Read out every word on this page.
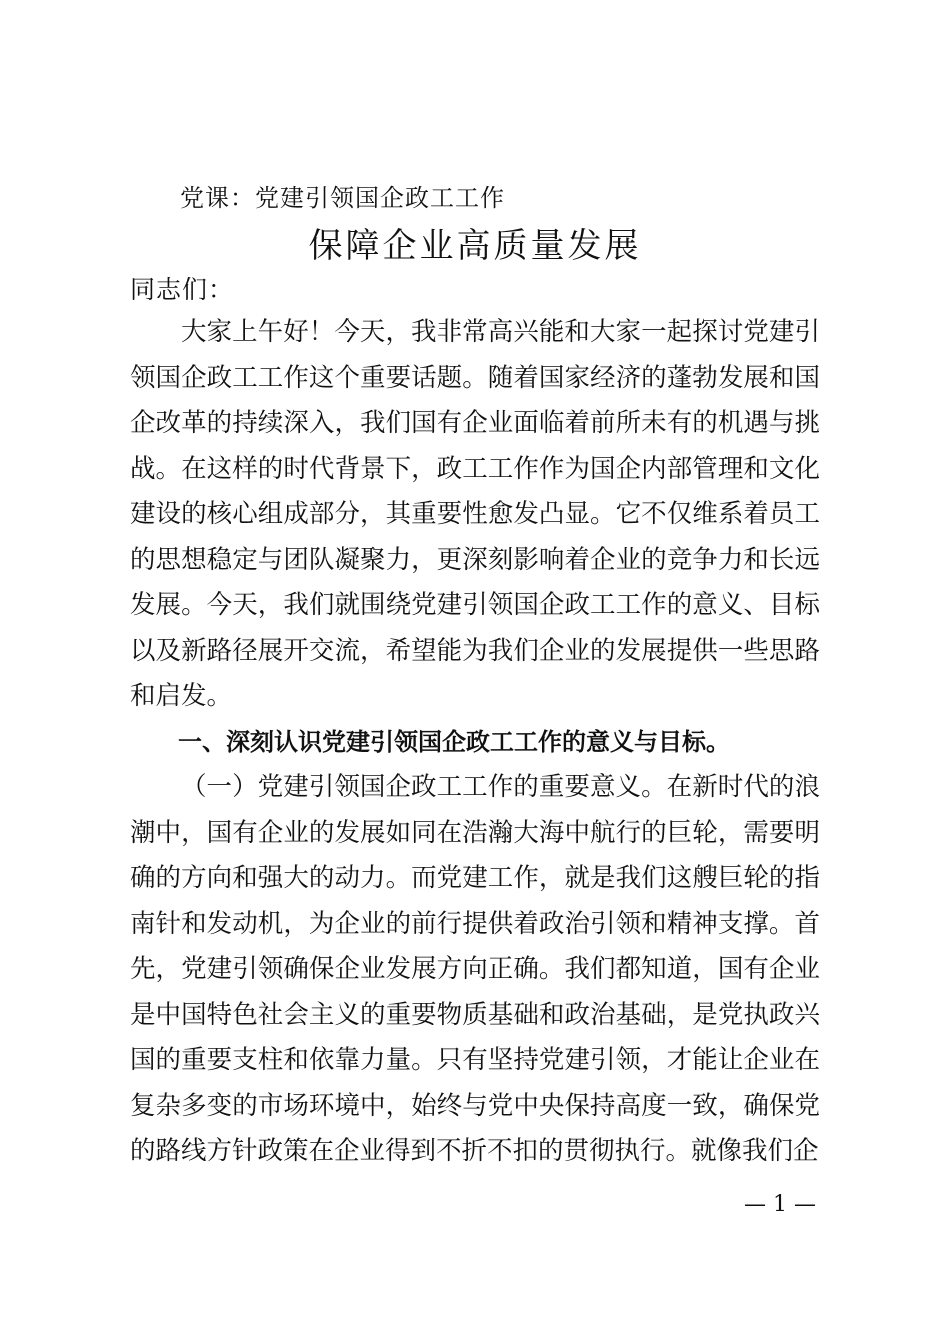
党课：党建引领国企政工工作
保障企业高质量发展
同志们：

大家上午好！今天，我非常高兴能和大家一起探讨党建引领国企政工工作这个重要话题。随着国家经济的蓬勃发展和国企改革的持续深入，我们国有企业面临着前所未有的机遇与挑战。在这样的时代背景下，政工工作作为国企内部管理和文化建设的核心组成部分，其重要性愈发凸显。它不仅维系着员工的思想稳定与团队凝聚力，更深刻影响着企业的竞争力和长远发展。今天，我们就围绕党建引领国企政工工作的意义、目标以及新路径展开交流，希望能为我们企业的发展提供一些思路和启发。

一、深刻认识党建引领国企政工工作的意义与目标。

（一）党建引领国企政工工作的重要意义。在新时代的浪潮中，国有企业的发展如同在浩瀚大海中航行的巨轮，需要明确的方向和强大的动力。而党建工作，就是我们这艘巨轮的指南针和发动机，为企业的前行提供着政治引领和精神支撑。首先，党建引领确保企业发展方向正确。我们都知道，国有企业是中国特色社会主义的重要物质基础和政治基础，是党执政兴国的重要支柱和依靠力量。只有坚持党建引领，才能让企业在复杂多变的市场环境中，始终与党中央保持高度一致，确保党的路线方针政策在企业得到不折不扣的贯彻执行。就像我们企

— 1 —
